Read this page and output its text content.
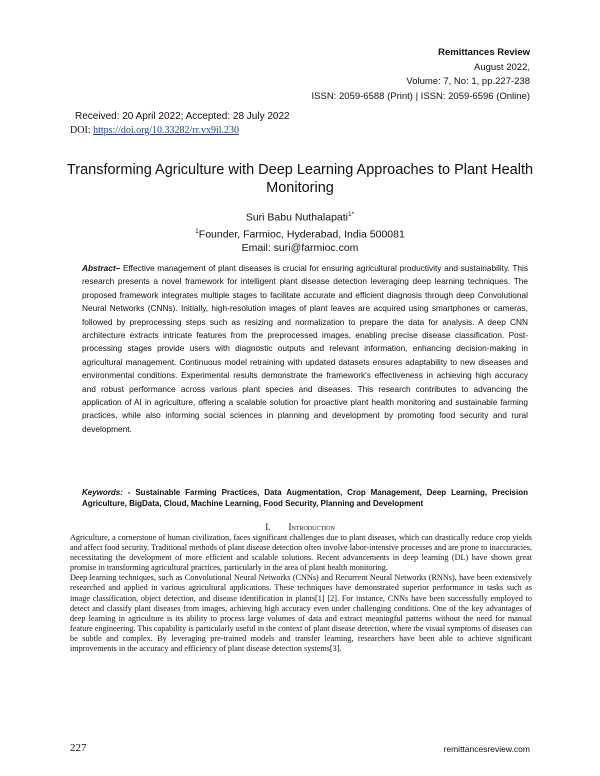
Remittances Review
August 2022,
Volume: 7, No: 1, pp.227-238
ISSN: 2059-6588 (Print) | ISSN: 2059-6596 (Online)
Received: 20 April 2022; Accepted: 28 July 2022
DOI: https://doi.org/10.33282/rr.vx9il.230
Transforming Agriculture with Deep Learning Approaches to Plant Health Monitoring
Suri Babu Nuthalapati$^{1*}$
$^1$Founder, Farmioc, Hyderabad, India 500081
Email: suri@farmioc.com
Abstract– Effective management of plant diseases is crucial for ensuring agricultural productivity and sustainability. This research presents a novel framework for intelligent plant disease detection leveraging deep learning techniques. The proposed framework integrates multiple stages to facilitate accurate and efficient diagnosis through deep Convolutional Neural Networks (CNNs). Initially, high-resolution images of plant leaves are acquired using smartphones or cameras, followed by preprocessing steps such as resizing and normalization to prepare the data for analysis. A deep CNN architecture extracts intricate features from the preprocessed images, enabling precise disease classification. Post-processing stages provide users with diagnostic outputs and relevant information, enhancing decision-making in agricultural management. Continuous model retraining with updated datasets ensures adaptability to new diseases and environmental conditions. Experimental results demonstrate the framework's effectiveness in achieving high accuracy and robust performance across various plant species and diseases. This research contributes to advancing the application of AI in agriculture, offering a scalable solution for proactive plant health monitoring and sustainable farming practices, while also informing social sciences in planning and development by promoting food security and rural development.
Keywords: - Sustainable Farming Practices, Data Augmentation, Crop Management, Deep Learning, Precision Agriculture, BigData, Cloud, Machine Learning, Food Security, Planning and Development
I. Introduction

Agriculture, a cornerstone of human civilization, faces significant challenges due to plant diseases, which can drastically reduce crop yields and affect food security. Traditional methods of plant disease detection often involve labor-intensive processes and are prone to inaccuracies, necessitating the development of more efficient and scalable solutions. Recent advancements in deep learning (DL) have shown great promise in transforming agricultural practices, particularly in the area of plant health monitoring.

Deep learning techniques, such as Convolutional Neural Networks (CNNs) and Recurrent Neural Networks (RNNs), have been extensively researched and applied in various agricultural applications. These techniques have demonstrated superior performance in tasks such as image classification, object detection, and disease identification in plants[1] [2]. For instance, CNNs have been successfully employed to detect and classify plant diseases from images, achieving high accuracy even under challenging conditions. One of the key advantages of deep learning in agriculture is its ability to process large volumes of data and extract meaningful patterns without the need for manual feature engineering. This capability is particularly useful in the context of plant disease detection, where the visual symptoms of diseases can be subtle and complex. By leveraging pre-trained models and transfer learning, researchers have been able to achieve significant improvements in the accuracy and efficiency of plant disease detection systems[3].

227	remittancesreview.com
